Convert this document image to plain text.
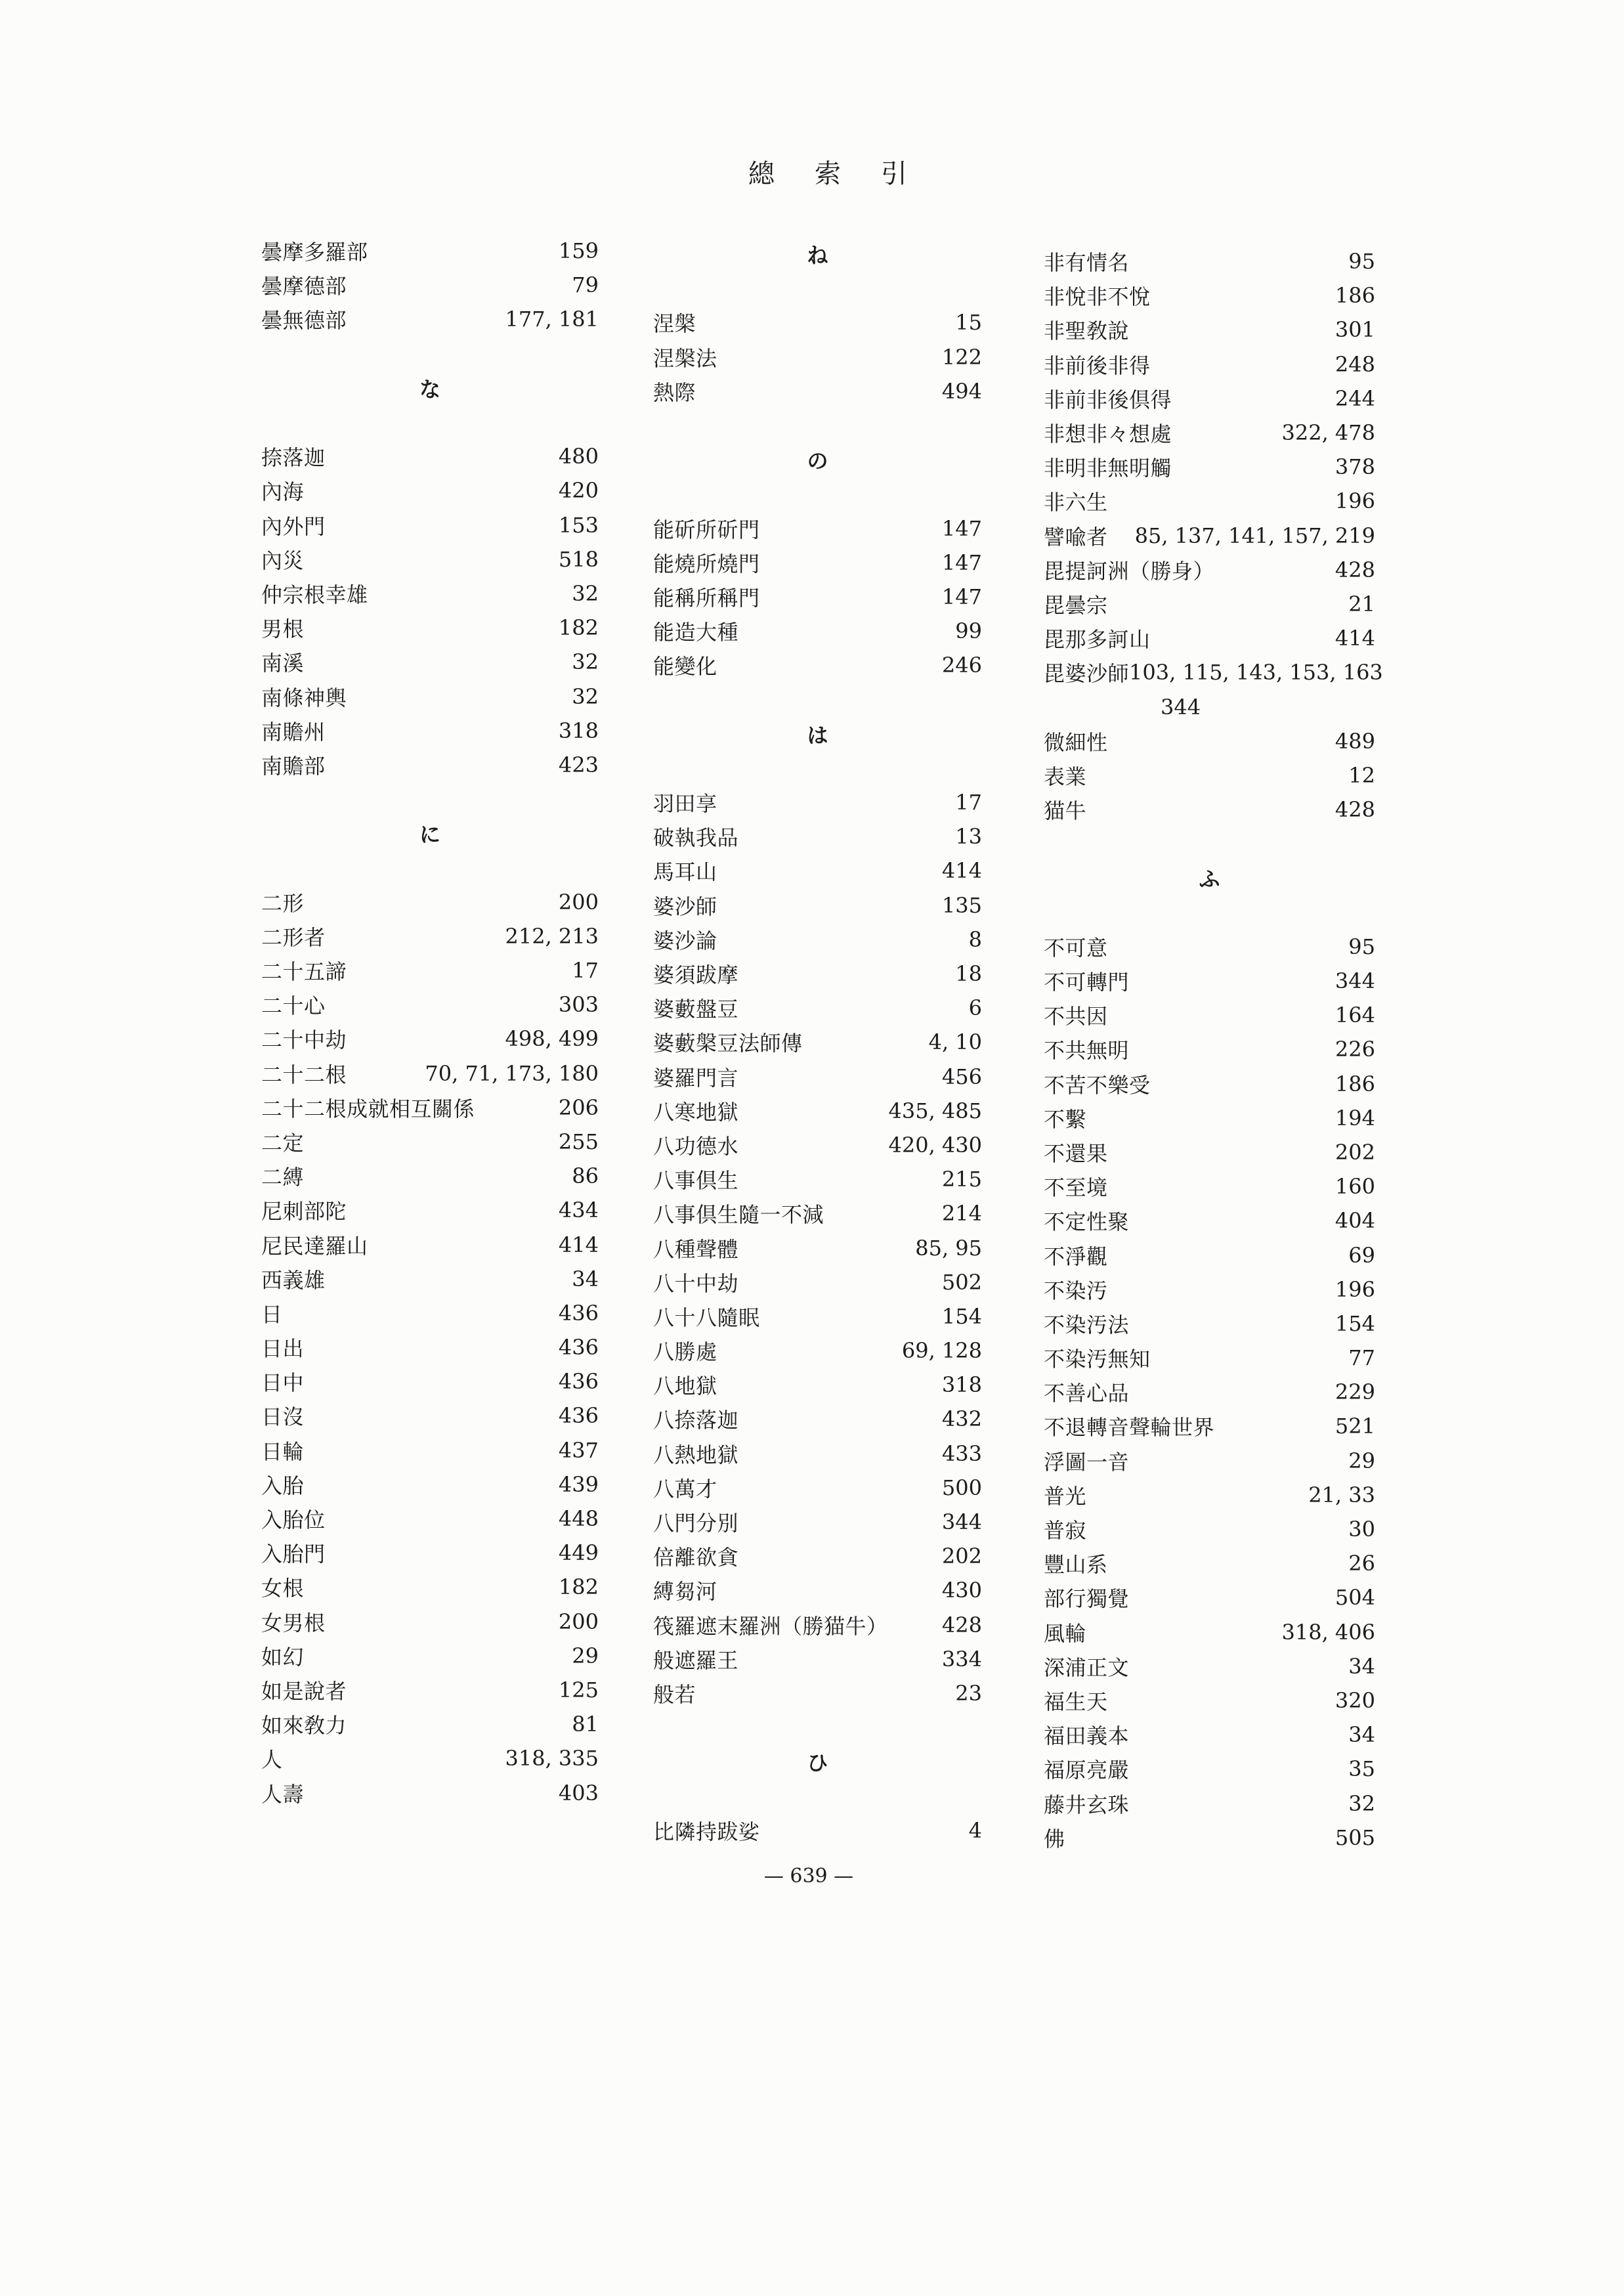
總索引
曇摩多羅部	159
曇摩德部	79
曇無德部	177, 181
な
捺落迦	480
內海	420
內外門	153
內災	518
仲宗根幸雄	32
男根	182
南溪	32
南條神輿	32
南贍州	318
南贍部	423
に
二形	200
二形者	212, 213
二十五諦	17
二十心	303
二十中劫	498, 499
二十二根	70, 71, 173, 180
二十二根成就相互關係	206
二定	255
二縛	86
尼刺部陀	434
尼民達羅山	414
西義雄	34
日	436
日出	436
日中	436
日沒	436
日輪	437
入胎	439
入胎位	448
入胎門	449
女根	182
女男根	200
如幻	29
如是說者	125
如來敎力	81
人	318, 335
人壽	403
ね
涅槃	15
涅槃法	122
熱際	494
の
能斫所斫門	147
能燒所燒門	147
能稱所稱門	147
能造大種	99
能變化	246
は
羽田享	17
破執我品	13
馬耳山	414
婆沙師	135
婆沙論	8
婆須跋摩	18
婆藪盤豆	6
婆藪槃豆法師傳	4, 10
婆羅門言	456
八寒地獄	435, 485
八功德水	420, 430
八事倶生	215
八事倶生隨一不減	214
八種聲體	85, 95
八十中劫	502
八十八隨眠	154
八勝處	69, 128
八地獄	318
八捺落迦	432
八熱地獄	433
八萬才	500
八門分別	344
倍離欲貪	202
縛芻河	430
筏羅遮末羅洲（勝猫牛）	428
般遮羅王	334
般若	23
ひ
比隣持跋娑	4
非有情名	95
非悅非不悅	186
非聖敎說	301
非前後非得	248
非前非後倶得	244
非想非々想處	322, 478
非明非無明觸	378
非六生	196
譬喩者 85, 137, 141, 157, 219
毘提訶洲（勝身）	428
毘曇宗	21
毘那多訶山	414
毘婆沙師 103, 115, 143, 153, 163
344
微細性	489
表業	12
猫牛	428
ふ
不可意	95
不可轉門	344
不共因	164
不共無明	226
不苦不樂受	186
不繫	194
不還果	202
不至境	160
不定性聚	404
不淨觀	69
不染汚	196
不染汚法	154
不染汚無知	77
不善心品	229
不退轉音聲輪世界	521
浮圖一音	29
普光	21, 33
普寂	30
豐山系	26
部行獨覺	504
風輪	318, 406
深浦正文	34
福生天	320
福田義本	34
福原亮嚴	35
藤井玄珠	32
佛	505
— 639 —
